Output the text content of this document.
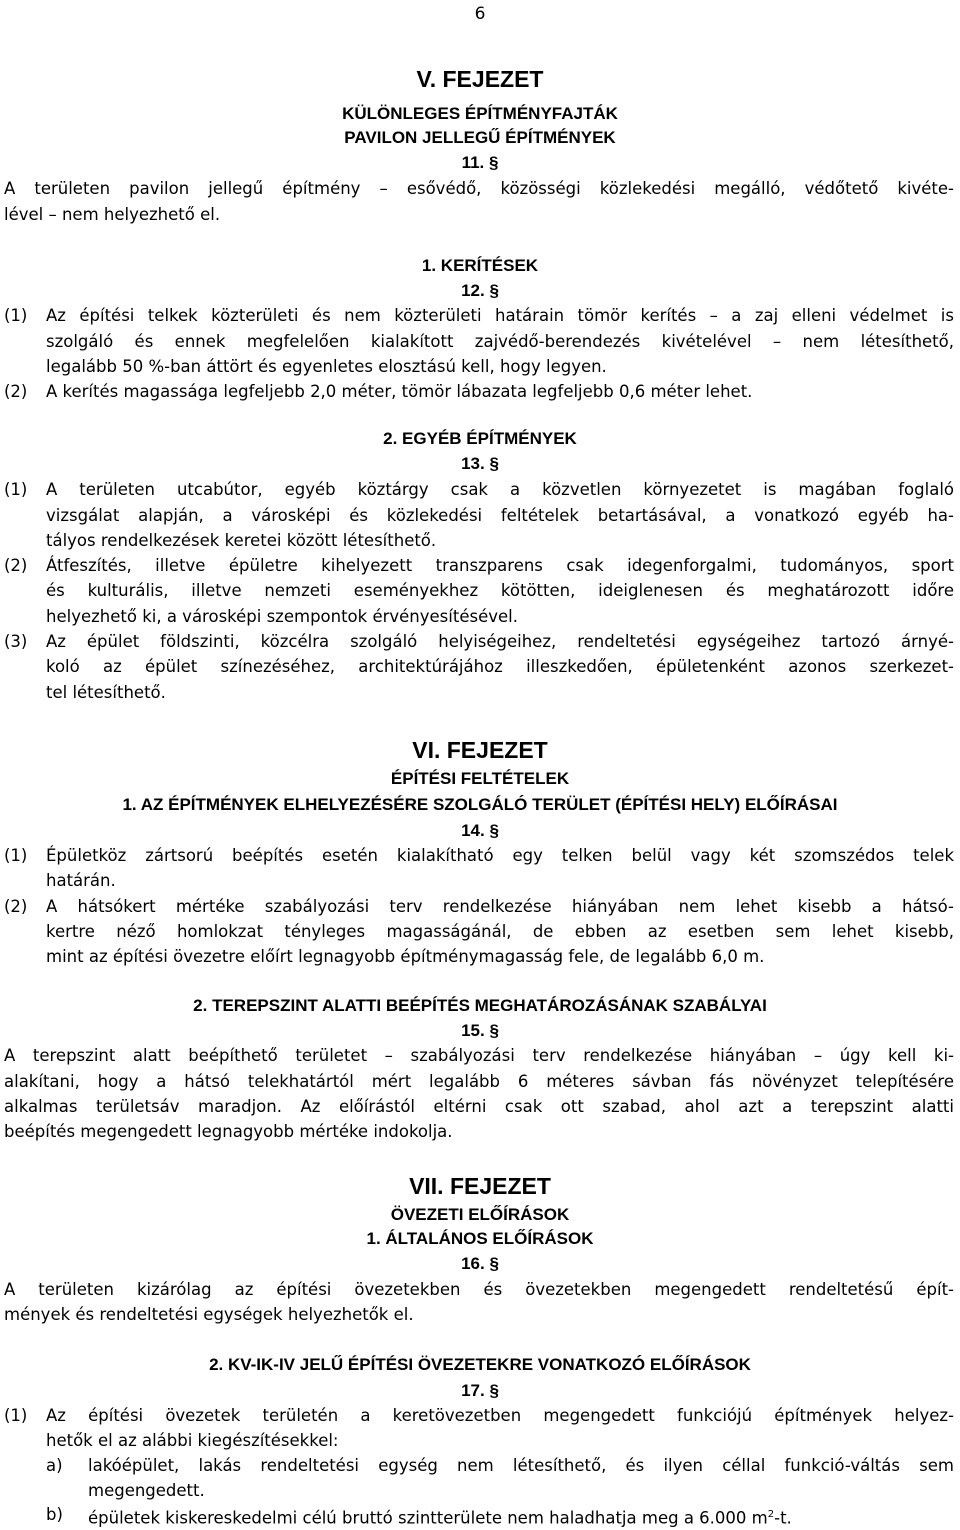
6
V. FEJEZET
KÜLÖNLEGES ÉPÍTMÉNYFAJTÁK
PAVILON JELLEGŰ ÉPÍTMÉNYEK
11. §
A területen pavilon jellegű építmény – esővédő, közösségi közlekedési megálló, védőtető kivéte-
lével – nem helyezhető el.
1. KERÍTÉSEK
12. §
(1) Az építési telkek közterületi és nem közterületi határain tömör kerítés – a zaj elleni védelmet is
szolgáló és ennek megfelelően kialakított zajvédő-berendezés kivételével – nem létesíthető,
legalább 50 %-ban áttört és egyenletes elosztású kell, hogy legyen.
(2) A kerítés magassága legfeljebb 2,0 méter, tömör lábazata legfeljebb 0,6 méter lehet.
2. EGYÉB ÉPÍTMÉNYEK
13. §
(1) A területen utcabútor, egyéb köztárgy csak a közvetlen környezetet is magában foglaló
vizsgálat alapján, a városképi és közlekedési feltételek betartásával, a vonatkozó egyéb ha-
tályos rendelkezések keretei között létesíthető.
(2) Átfeszítés, illetve épületre kihelyezett transzparens csak idegenforgalmi, tudományos, sport
és kulturális, illetve nemzeti eseményekhez kötötten, ideiglenesen és meghatározott időre
helyezhető ki, a városképi szempontok érvényesítésével.
(3) Az épület földszinti, közcélra szolgáló helyiségeihez, rendeltetési egységeihez tartozó árnyé-
koló az épület színezéséhez, architektúrájához illeszkedően, épületenként azonos szerkezet-
tel létesíthető.
VI. FEJEZET
ÉPÍTÉSI FELTÉTELEK
1. AZ ÉPÍTMÉNYEK ELHELYEZÉSÉRE SZOLGÁLÓ TERÜLET (ÉPÍTÉSI HELY) ELŐÍRÁSAI
14. §
(1) Épületköz zártsorú beépítés esetén kialakítható egy telken belül vagy két szomszédos telek
határán.
(2) A hátsókert mértéke szabályozási terv rendelkezése hiányában nem lehet kisebb a hátsó-
kertre néző homlokzat tényleges magasságánál, de ebben az esetben sem lehet kisebb,
mint az építési övezetre előírt legnagyobb építménymagasság fele, de legalább 6,0 m.
2. TEREPSZINT ALATTI BEÉPÍTÉS MEGHATÁROZÁSÁNAK SZABÁLYAI
15. §
A terepszint alatt beépíthető területet – szabályozási terv rendelkezése hiányában – úgy kell ki-
alakítani, hogy a hátsó telekhatártól mért legalább 6 méteres sávban fás növényzet telepítésére
alkalmas területsáv maradjon. Az előírástól eltérni csak ott szabad, ahol azt a terepszint alatti
beépítés megengedett legnagyobb mértéke indokolja.
VII. FEJEZET
ÖVEZETI ELŐÍRÁSOK
1. ÁLTALÁNOS ELŐÍRÁSOK
16. §
A területen kizárólag az építési övezetekben és övezetekben megengedett rendeltetésű épít-
mények és rendeltetési egységek helyezhetők el.
2. KV-IK-IV JELŰ ÉPÍTÉSI ÖVEZETEKRE VONATKOZÓ ELŐÍRÁSOK
17. §
(1) Az építési övezetek területén a keretövezetben megengedett funkciójú építmények helyez-
hetők el az alábbi kiegészítésekkel:
a) lakóépület, lakás rendeltetési egység nem létesíthető, és ilyen céllal funkció-váltás sem
megengedett.
b) épületek kiskereskedelmi célú bruttó szintterülete nem haladhatja meg a 6.000 $m^2-t$.
